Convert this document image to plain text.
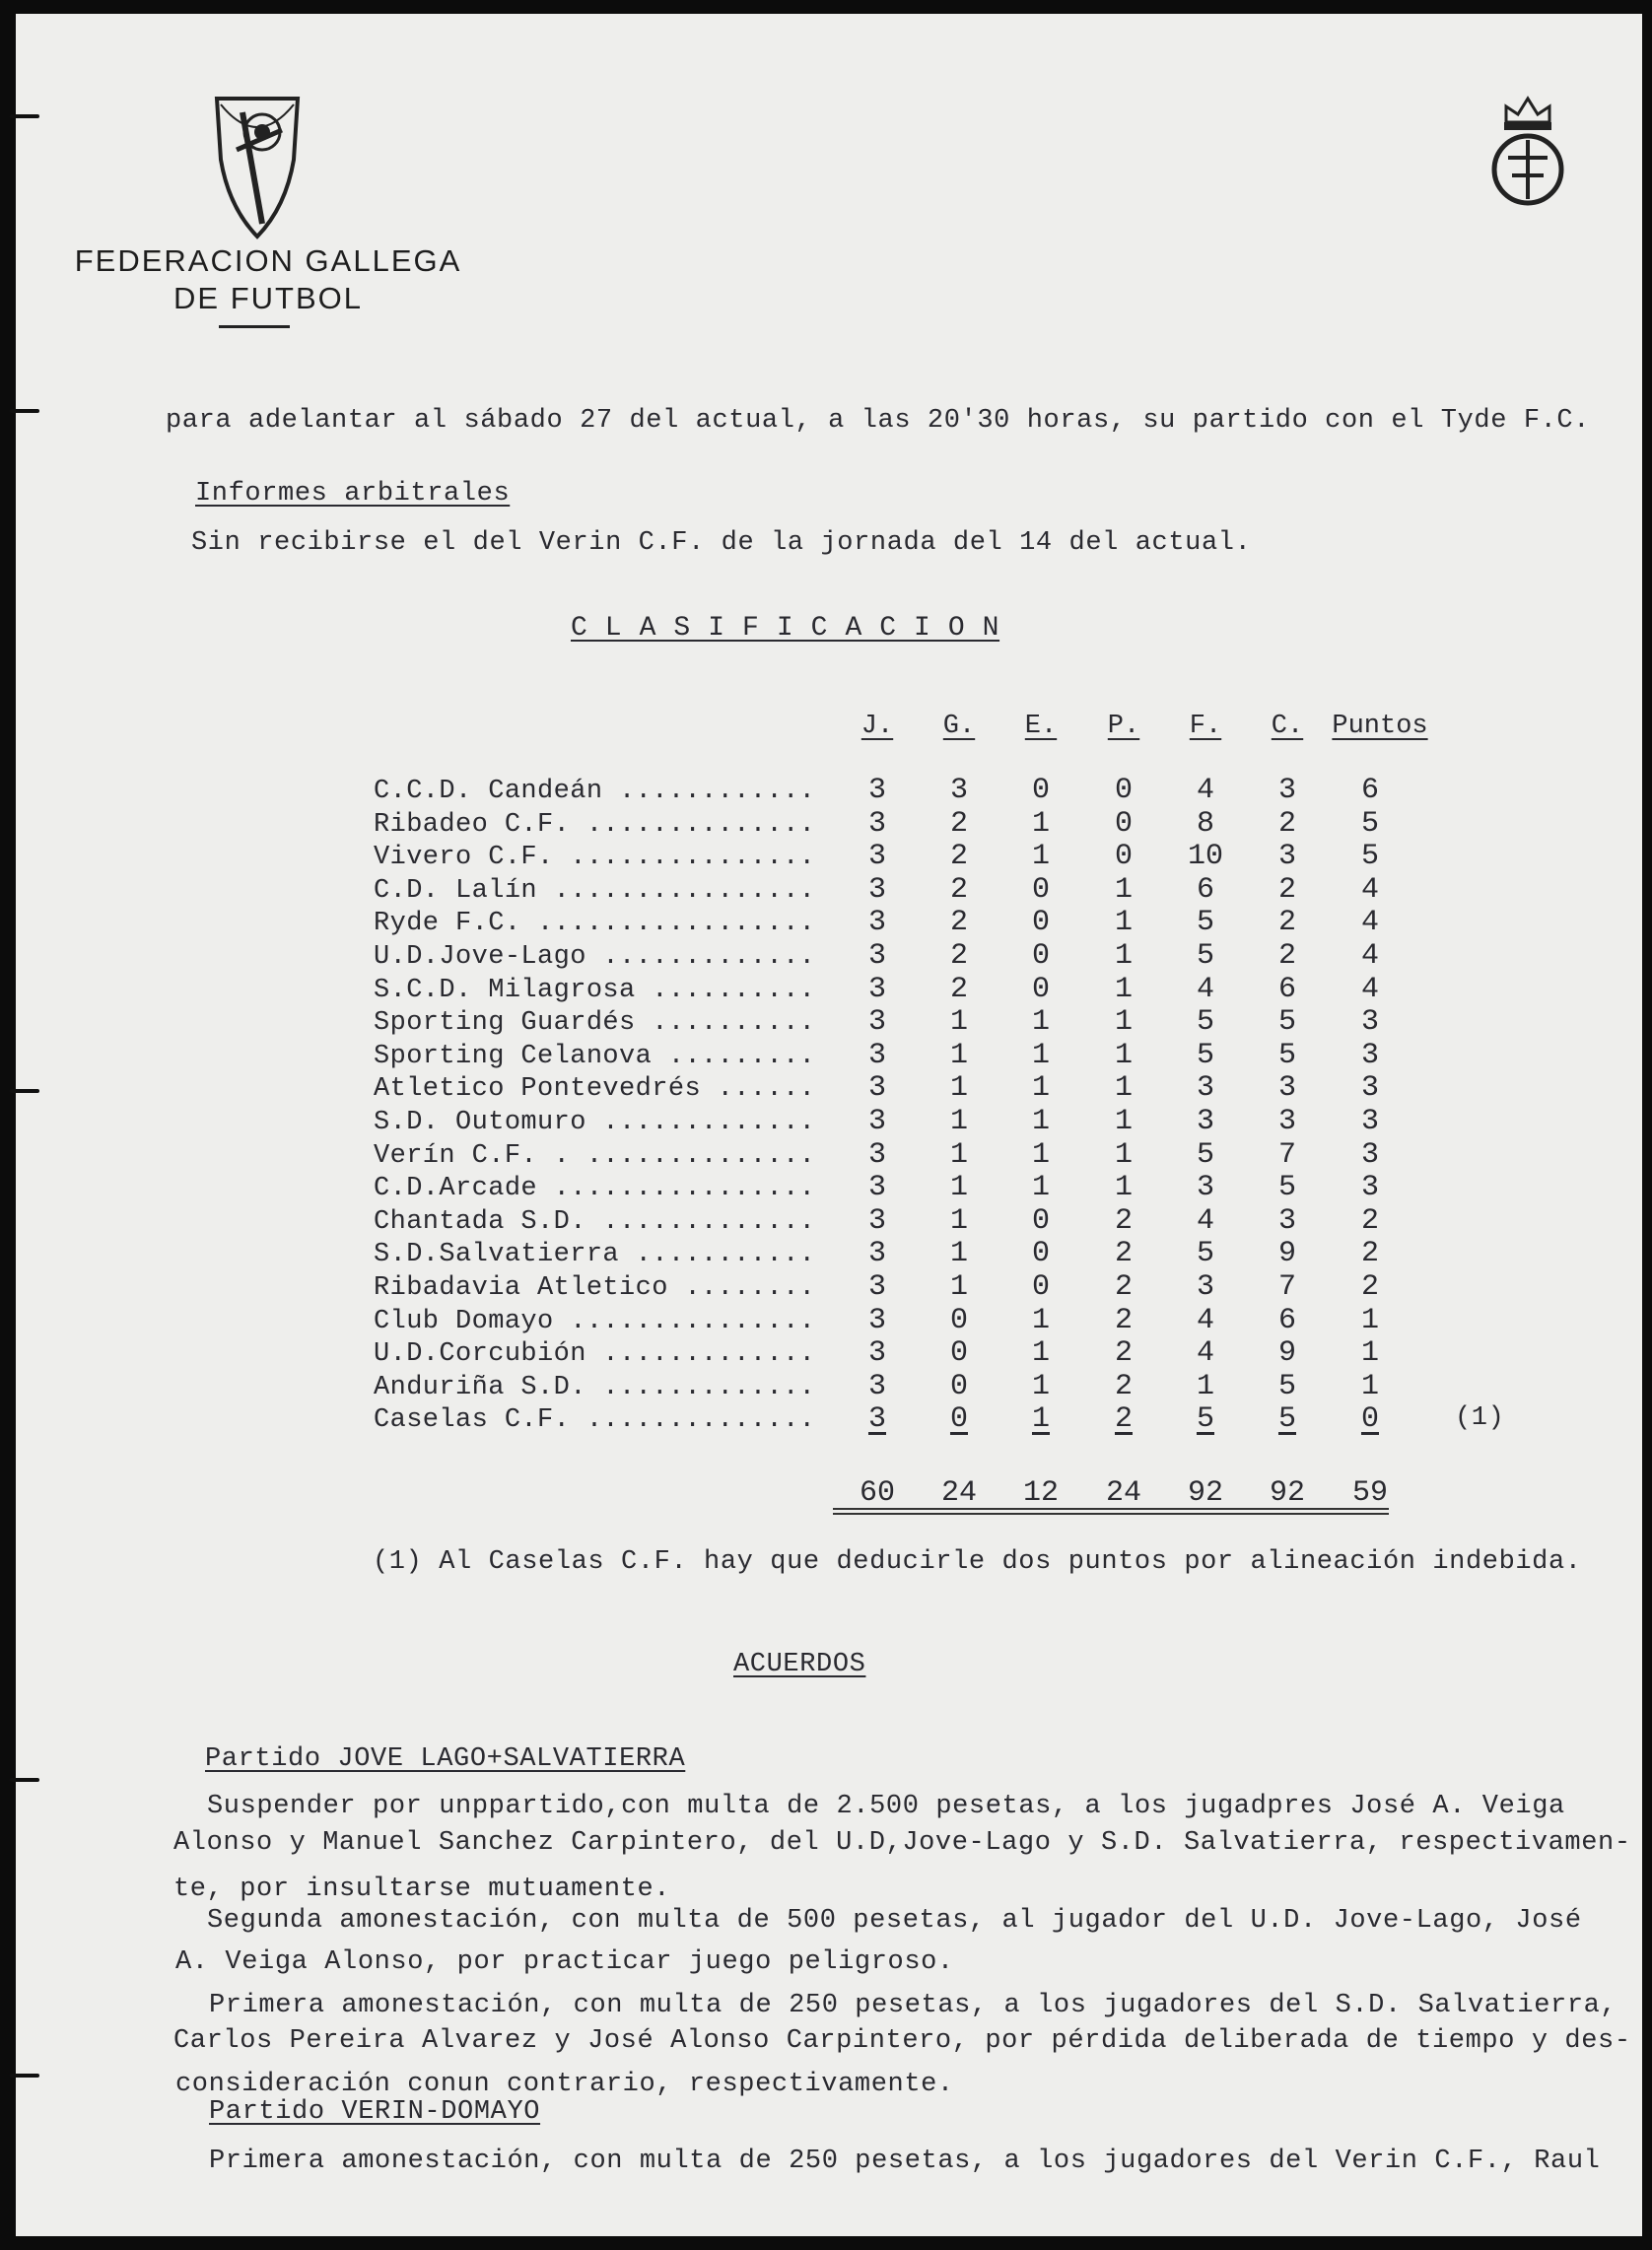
FEDERACION GALLEGA
DE FUTBOL
para adelantar al sábado 27 del actual, a las 20'30 horas, su partido con el Tyde F.C.
Informes arbitrales
Sin recibirse el del Verin C.F. de la jornada del 14 del actual.
C L A S I F I C A C I O N
J.	G.	E.	P.	F.	C.	Puntos
C.C.D. Candeán ............	3	3	0	0	4	3	6
Ribadeo C.F. ..............	3	2	1	0	8	2	5
Vivero C.F. ...............	3	2	1	0	10	3	5
C.D. Lalín ................	3	2	0	1	6	2	4
Ryde F.C. .................	3	2	0	1	5	2	4
U.D.Jove-Lago .............	3	2	0	1	5	2	4
S.C.D. Milagrosa ..........	3	2	0	1	4	6	4
Sporting Guardés ..........	3	1	1	1	5	5	3
Sporting Celanova .........	3	1	1	1	5	5	3
Atletico Pontevedrés ......	3	1	1	1	3	3	3
S.D. Outomuro .............	3	1	1	1	3	3	3
Verín C.F. . ..............	3	1	1	1	5	7	3
C.D.Arcade ................	3	1	1	1	3	5	3
Chantada S.D. .............	3	1	0	2	4	3	2
S.D.Salvatierra ...........	3	1	0	2	5	9	2
Ribadavia Atletico ........	3	1	0	2	3	7	2
Club Domayo ...............	3	0	1	2	4	6	1
U.D.Corcubión .............	3	0	1	2	4	9	1
Anduriña S.D. .............	3	0	1	2	1	5	1
Caselas C.F. ..............	3	0	1	2	5	5	0	(1)
60	24	12	24	92	92	59
(1) Al Caselas C.F. hay que deducirle dos puntos por alineación indebida.
ACUERDOS
Partido JOVE LAGO+SALVATIERRA
Suspender por unppartido,con multa de 2.500 pesetas, a los jugadpres José A. Veiga
Alonso y Manuel Sanchez Carpintero, del U.D,Jove-Lago y S.D. Salvatierra, respectivamen-
te, por insultarse mutuamente.
Segunda amonestación, con multa de 500 pesetas, al jugador del U.D. Jove-Lago, José
A. Veiga Alonso, por practicar juego peligroso.
Primera amonestación, con multa de 250 pesetas, a los jugadores del S.D. Salvatierra,
Carlos Pereira Alvarez y José Alonso Carpintero, por pérdida deliberada de tiempo y des-
consideración conun contrario, respectivamente.
Partido VERIN-DOMAYO
Primera amonestación, con multa de 250 pesetas, a los jugadores del Verin C.F., Raul
